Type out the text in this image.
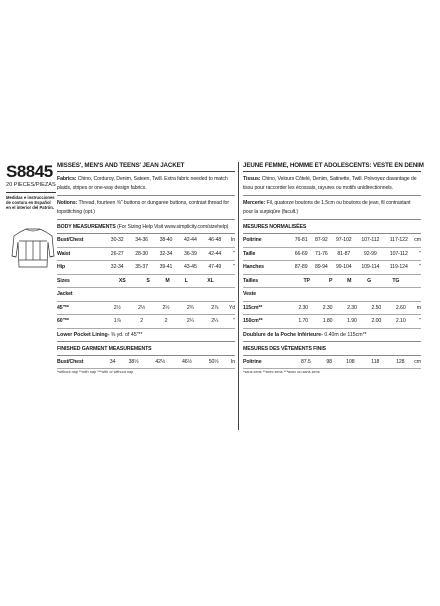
S8845
20 PIECES/PIEZAS
Medidas e instrucciones de costura en Español en el interior del Patrón.
MISSES', MEN'S AND TEENS' JEAN JACKET
Fabrics: Chino, Corduroy, Denim, Sateen, Twill. Extra fabric needed to match plaids, stripes or one-way design fabrics.
Notions: Thread, fourteen ⅝" buttons or dungaree buttons, contrast thread for topstitching (opt.)
BODY MEASUREMENTS (For Sizing Help Visit www.simplicity.com/sizehelp)
Bust/Chest	30-32	34-36	38-40	42-44	46-48	In
Waist	26-27	28-30	32-34	36-39	42-44	"
Hip	32-34	35-37	39-41	43-45	47-49	"
Sizes	XS	S	M	L	XL	
Jacket						
45"**	2½	2½	2½	2¾	2⅞	Yd
60"**	1⅞	2	2	2¼	2¼	"
Lower Pocket Lining- ⅜ yd. of 45"**
FINISHED GARMENT MEASUREMENTS
Bust/Chest	34	38½	42½	46½	50½	In
*without nap **with nap ***with or without nap
JEUNE FEMME, HOMME ET ADOLESCENTS: VESTE EN DENIM
Tissus: Chino, Velours Côtelé, Denim, Satinette, Twill. Prévoyez davantage de tissu pour raccorder les écossais, rayures ou motifs unidirectionnels.
Mercerie: Fil, quatorze boutons de 1.5cm ou boutons de jean, fil contrastant pour la surpiqûre (facult.)
MESURES NORMALISÉES
Poitrine	76-81	87-92	97-102	107-112	117-122	cm
Taille	66-69	71-76	81-87	92-99	107-112	"
Hanches	87-89	89-94	99-104	109-114	119-124	"
Tailles	TP	P	M	G	TG	
Veste						
115cm**	2.30	2.30	2.30	2.50	2.60	m
150cm**	1.70	1.80	1.90	2.00	2.10	"
Doublure de la Poche Inférieure- 0.40m de 115cm**
MESURES DES VÊTEMENTS FINIS
Poitrine	87.5	98	108	118	128	cm
*sans sens **avec sens ***avec ou sans sens
